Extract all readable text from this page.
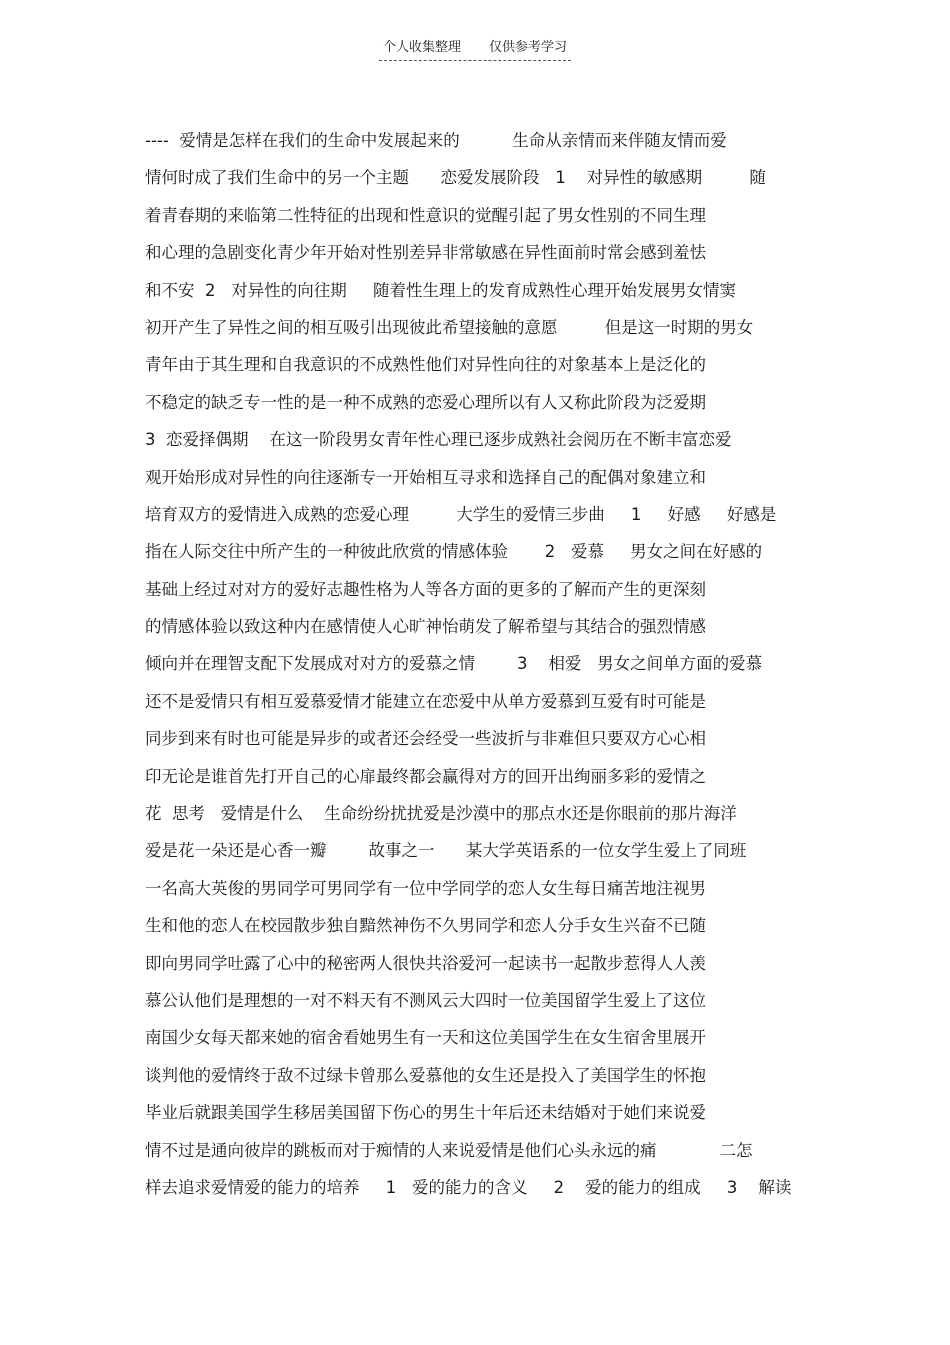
个人收集整理 仅供参考学习
----  爱情是怎样在我们的生命中发展起来的          生命从亲情而来伴随友情而爱
情何时成了我们生命中的另一个主题      恋爱发展阶段   1    对异性的敏感期         随
着青春期的来临第二性特征的出现和性意识的觉醒引起了男女性别的不同生理
和心理的急剧变化青少年开始对性别差异非常敏感在异性面前时常会感到羞怯
和不安  2   对异性的向往期     随着性生理上的发育成熟性心理开始发展男女情窦
初开产生了异性之间的相互吸引出现彼此希望接触的意愿         但是这一时期的男女
青年由于其生理和自我意识的不成熟性他们对异性向往的对象基本上是泛化的
不稳定的缺乏专一性的是一种不成熟的恋爱心理所以有人又称此阶段为泛爱期
3  恋爱择偶期    在这一阶段男女青年性心理已逐步成熟社会阅历在不断丰富恋爱
观开始形成对异性的向往逐渐专一开始相互寻求和选择自己的配偶对象建立和
培育双方的爱情进入成熟的恋爱心理         大学生的爱情三步曲     1     好感     好感是
指在人际交往中所产生的一种彼此欣赏的情感体验       2   爱慕     男女之间在好感的
基础上经过对对方的爱好志趣性格为人等各方面的更多的了解而产生的更深刻
的情感体验以致这种内在感情使人心旷神怡萌发了解希望与其结合的强烈情感
倾向并在理智支配下发展成对对方的爱慕之情        3    相爱   男女之间单方面的爱慕
还不是爱情只有相互爱慕爱情才能建立在恋爱中从单方爱慕到互爱有时可能是
同步到来有时也可能是异步的或者还会经受一些波折与非难但只要双方心心相
印无论是谁首先打开自己的心扉最终都会赢得对方的回开出绚丽多彩的爱情之
花  思考   爱情是什么    生命纷纷扰扰爱是沙漠中的那点水还是你眼前的那片海洋
爱是花一朵还是心香一瓣        故事之一      某大学英语系的一位女学生爱上了同班
一名高大英俊的男同学可男同学有一位中学同学的恋人女生每日痛苦地注视男
生和他的恋人在校园散步独自黯然神伤不久男同学和恋人分手女生兴奋不已随
即向男同学吐露了心中的秘密两人很快共浴爱河一起读书一起散步惹得人人羡
慕公认他们是理想的一对不料天有不测风云大四时一位美国留学生爱上了这位
南国少女每天都来她的宿舍看她男生有一天和这位美国学生在女生宿舍里展开
谈判他的爱情终于敌不过绿卡曾那么爱慕他的女生还是投入了美国学生的怀抱
毕业后就跟美国学生移居美国留下伤心的男生十年后还未结婚对于她们来说爱
情不过是通向彼岸的跳板而对于痴情的人来说爱情是他们心头永远的痛            二怎
样去追求爱情爱的能力的培养     1   爱的能力的含义     2    爱的能力的组成     3    解读
